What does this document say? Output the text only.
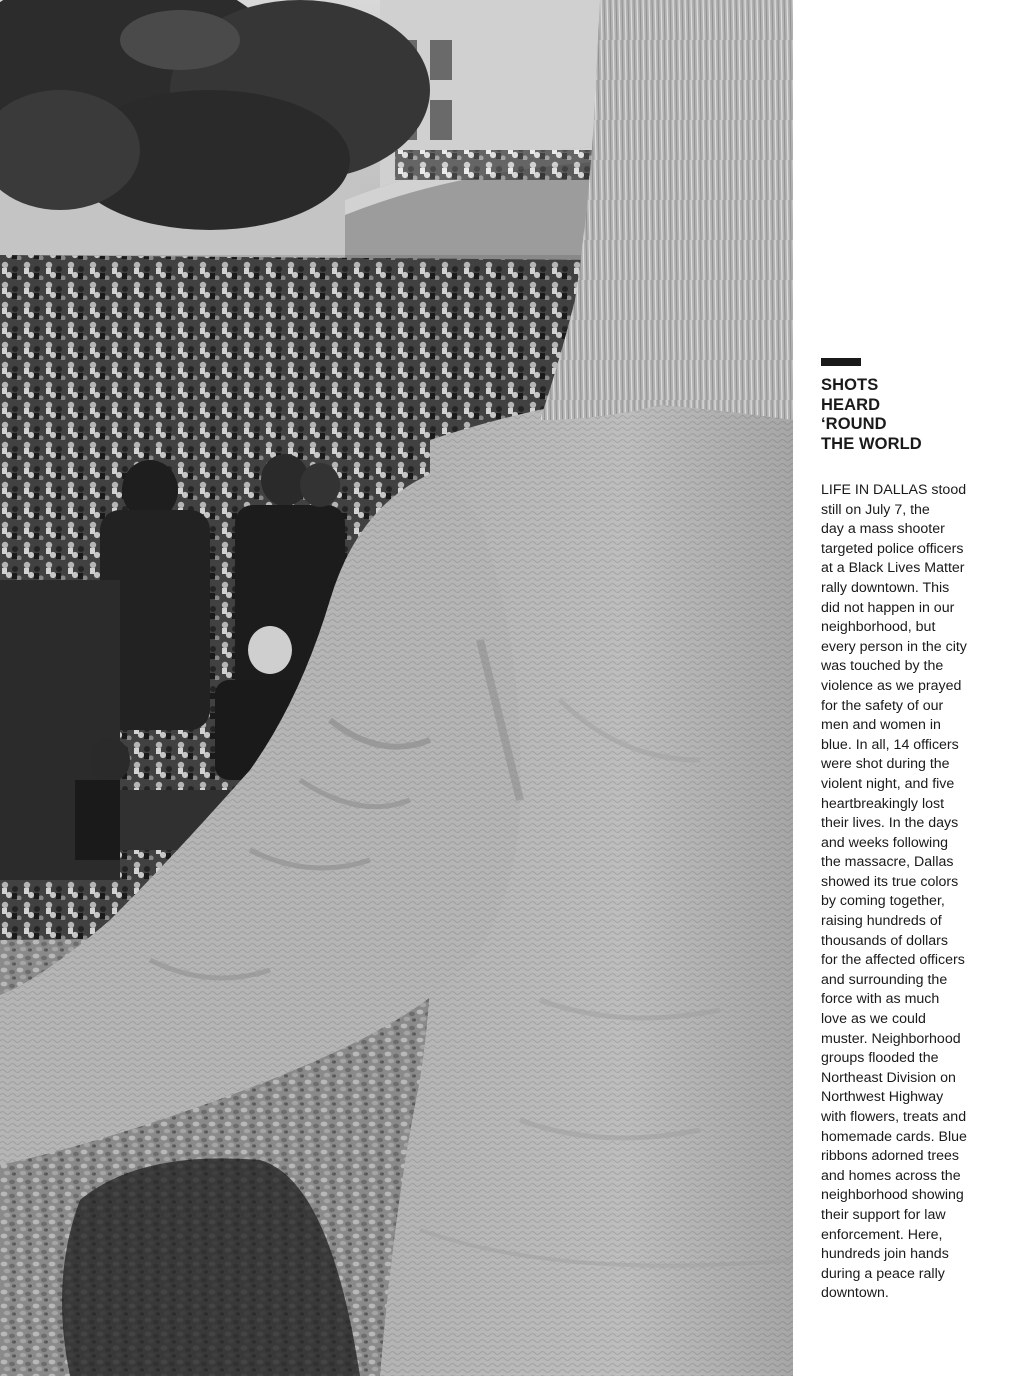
SHOTS
HEARD
‘ROUND
THE WORLD
LIFE IN DALLAS stood
still on July 7, the
day a mass shooter
targeted police officers
at a Black Lives Matter
rally downtown. This
did not happen in our
neighborhood, but
every person in the city
was touched by the
violence as we prayed
for the safety of our
men and women in
blue. In all, 14 officers
were shot during the
violent night, and five
heartbreakingly lost
their lives. In the days
and weeks following
the massacre, Dallas
showed its true colors
by coming together,
raising hundreds of
thousands of dollars
for the affected officers
and surrounding the
force with as much
love as we could
muster. Neighborhood
groups flooded the
Northeast Division on
Northwest Highway
with flowers, treats and
homemade cards. Blue
ribbons adorned trees
and homes across the
neighborhood showing
their support for law
enforcement. Here,
hundreds join hands
during a peace rally
downtown.
